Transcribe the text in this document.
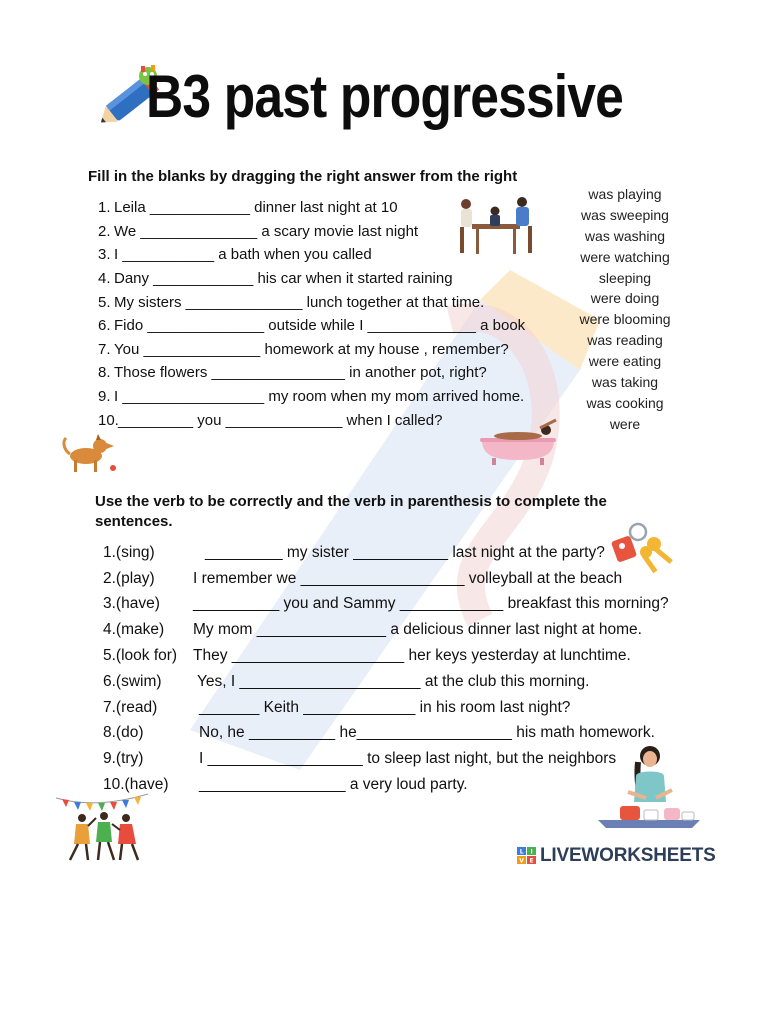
B3 past progressive
Fill in the blanks by dragging the right answer from the right
1. Leila ____________ dinner last night at 10
2. We ______________ a scary movie last night
3. I ___________ a bath when you called
4. Dany ____________ his car when it started raining
5. My sisters ______________ lunch together at that time.
6. Fido ______________ outside while I _____________ a book
7. You ______________ homework at my house , remember?
8. Those flowers ________________ in another pot, right?
9. I _________________ my room when my mom arrived home.
10. _________ you ______________ when I called?
was playing
was sweeping
was washing
were watching
sleeping
were doing
were blooming
was reading
were eating
was taking
was cooking
were
Use the verb to be correctly and the verb in parenthesis to complete the sentences.
1.(sing)	_________ my sister ___________ last night at the party?
2.(play)	I remember we ___________________ volleyball at the beach
3.(have)	__________ you and Sammy ____________ breakfast this morning?
4.(make)	My mom _______________ a delicious dinner last night at home.
5.(look for)	They ____________________ her keys yesterday at lunchtime.
6.(swim)	Yes, I _____________________ at the club this morning.
7.(read)	_______ Keith _____________ in his room last night?
8.(do)	No, he __________ he__________________ his math homework.
9.(try)	I __________________ to sleep last night, but the neighbors
10.(have)	_________________ a very loud party.
L I
V E LIVEWORKSHEETS
